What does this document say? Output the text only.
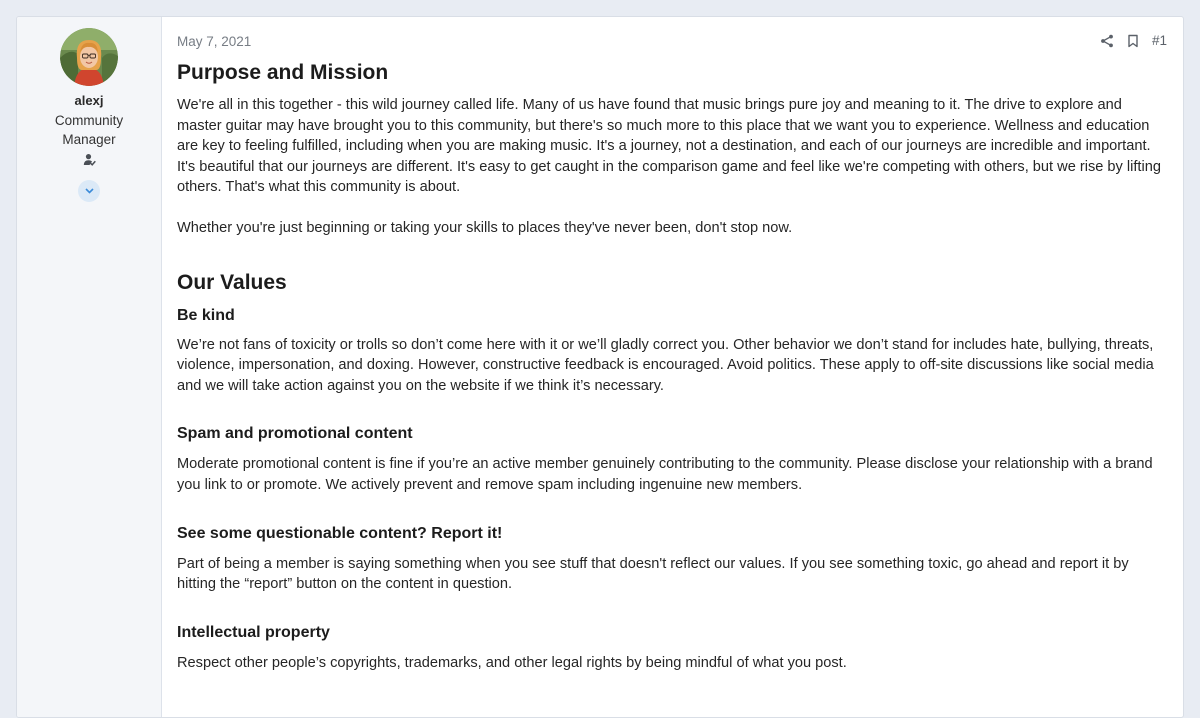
alexj
Community Manager
May 7, 2021	#1
Purpose and Mission

We're all in this together - this wild journey called life. Many of us have found that music brings pure joy and meaning to it. The drive to explore and master guitar may have brought you to this community, but there's so much more to this place that we want you to experience. Wellness and education are key to feeling fulfilled, including when you are making music. It's a journey, not a destination, and each of our journeys are incredible and important. It's beautiful that our journeys are different. It's easy to get caught in the comparison game and feel like we're competing with others, but we rise by lifting others. That's what this community is about.

Whether you're just beginning or taking your skills to places they've never been, don't stop now.

Our Values
Be kind

We’re not fans of toxicity or trolls so don’t come here with it or we’ll gladly correct you. Other behavior we don’t stand for includes hate, bullying, threats, violence, impersonation, and doxing. However, constructive feedback is encouraged. Avoid politics. These apply to off-site discussions like social media and we will take action against you on the website if we think it’s necessary.

Spam and promotional content

Moderate promotional content is fine if you’re an active member genuinely contributing to the community. Please disclose your relationship with a brand you link to or promote. We actively prevent and remove spam including ingenuine new members.

See some questionable content? Report it!

Part of being a member is saying something when you see stuff that doesn't reflect our values. If you see something toxic, go ahead and report it by hitting the “report” button on the content in question.

Intellectual property

Respect other people’s copyrights, trademarks, and other legal rights by being mindful of what you post.
